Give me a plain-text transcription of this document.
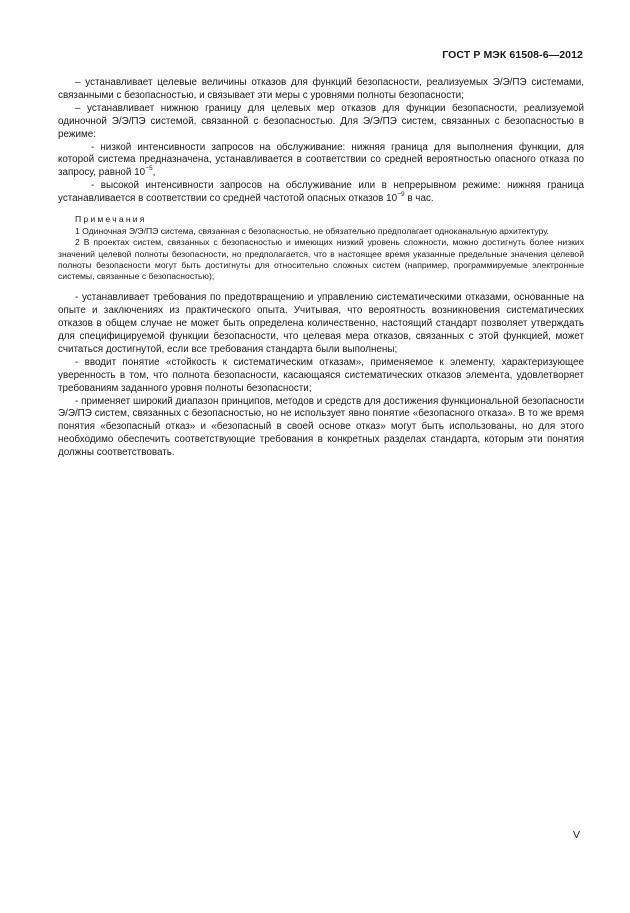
ГОСТ Р МЭК 61508-6—2012

– устанавливает целевые величины отказов для функций безопасности, реализуемых Э/Э/ПЭ системами, связанными с безопасностью, и связывает эти меры с уровнями полноты безопасности;

– устанавливает нижнюю границу для целевых мер отказов для функции безопасности, реализуемой одиночной Э/Э/ПЭ системой, связанной с безопасностью. Для Э/Э/ПЭ систем, связанных с безопасностью в режиме:

- низкой интенсивности запросов на обслуживание: нижняя граница для выполнения функции, для которой система предназначена, устанавливается в соответствии со средней вероятностью опасного отказа по запросу, равной $10^{-5}$,

- высокой интенсивности запросов на обслуживание или в непрерывном режиме: нижняя граница устанавливается в соответствии со средней частотой опасных отказов $10^{-9}$ в час.

Примечания

1 Одиночная Э/Э/ПЭ система, связанная с безопасностью, не обязательно предполагает одноканальную архитектуру.

2 В проектах систем, связанных с безопасностью и имеющих низкий уровень сложности, можно достигнуть более низких значений целевой полноты безопасности, но предполагается, что в настоящее время указанные предельные значения целевой полноты безопасности могут быть достигнуты для относительно сложных систем (например, программируемые электронные системы, связанные с безопасностью);

- устанавливает требования по предотвращению и управлению систематическими отказами, основанные на опыте и заключениях из практического опыта. Учитывая, что вероятность возникновения систематических отказов в общем случае не может быть определена количественно, настоящий стандарт позволяет утверждать для специфицируемой функции безопасности, что целевая мера отказов, связанных с этой функцией, может считаться достигнутой, если все требования стандарта были выполнены;

- вводит понятие «стойкость к систематическим отказам», применяемое к элементу, характеризующее уверенность в том, что полнота безопасности, касающаяся систематических отказов элемента, удовлетворяет требованиям заданного уровня полноты безопасности;

- применяет широкий диапазон принципов, методов и средств для достижения функциональной безопасности Э/Э/ПЭ систем, связанных с безопасностью, но не использует явно понятие «безопасного отказа». В то же время понятия «безопасный отказ» и «безопасный в своей основе отказ» могут быть использованы, но для этого необходимо обеспечить соответствующие требования в конкретных разделах стандарта, которым эти понятия должны соответствовать.

V
